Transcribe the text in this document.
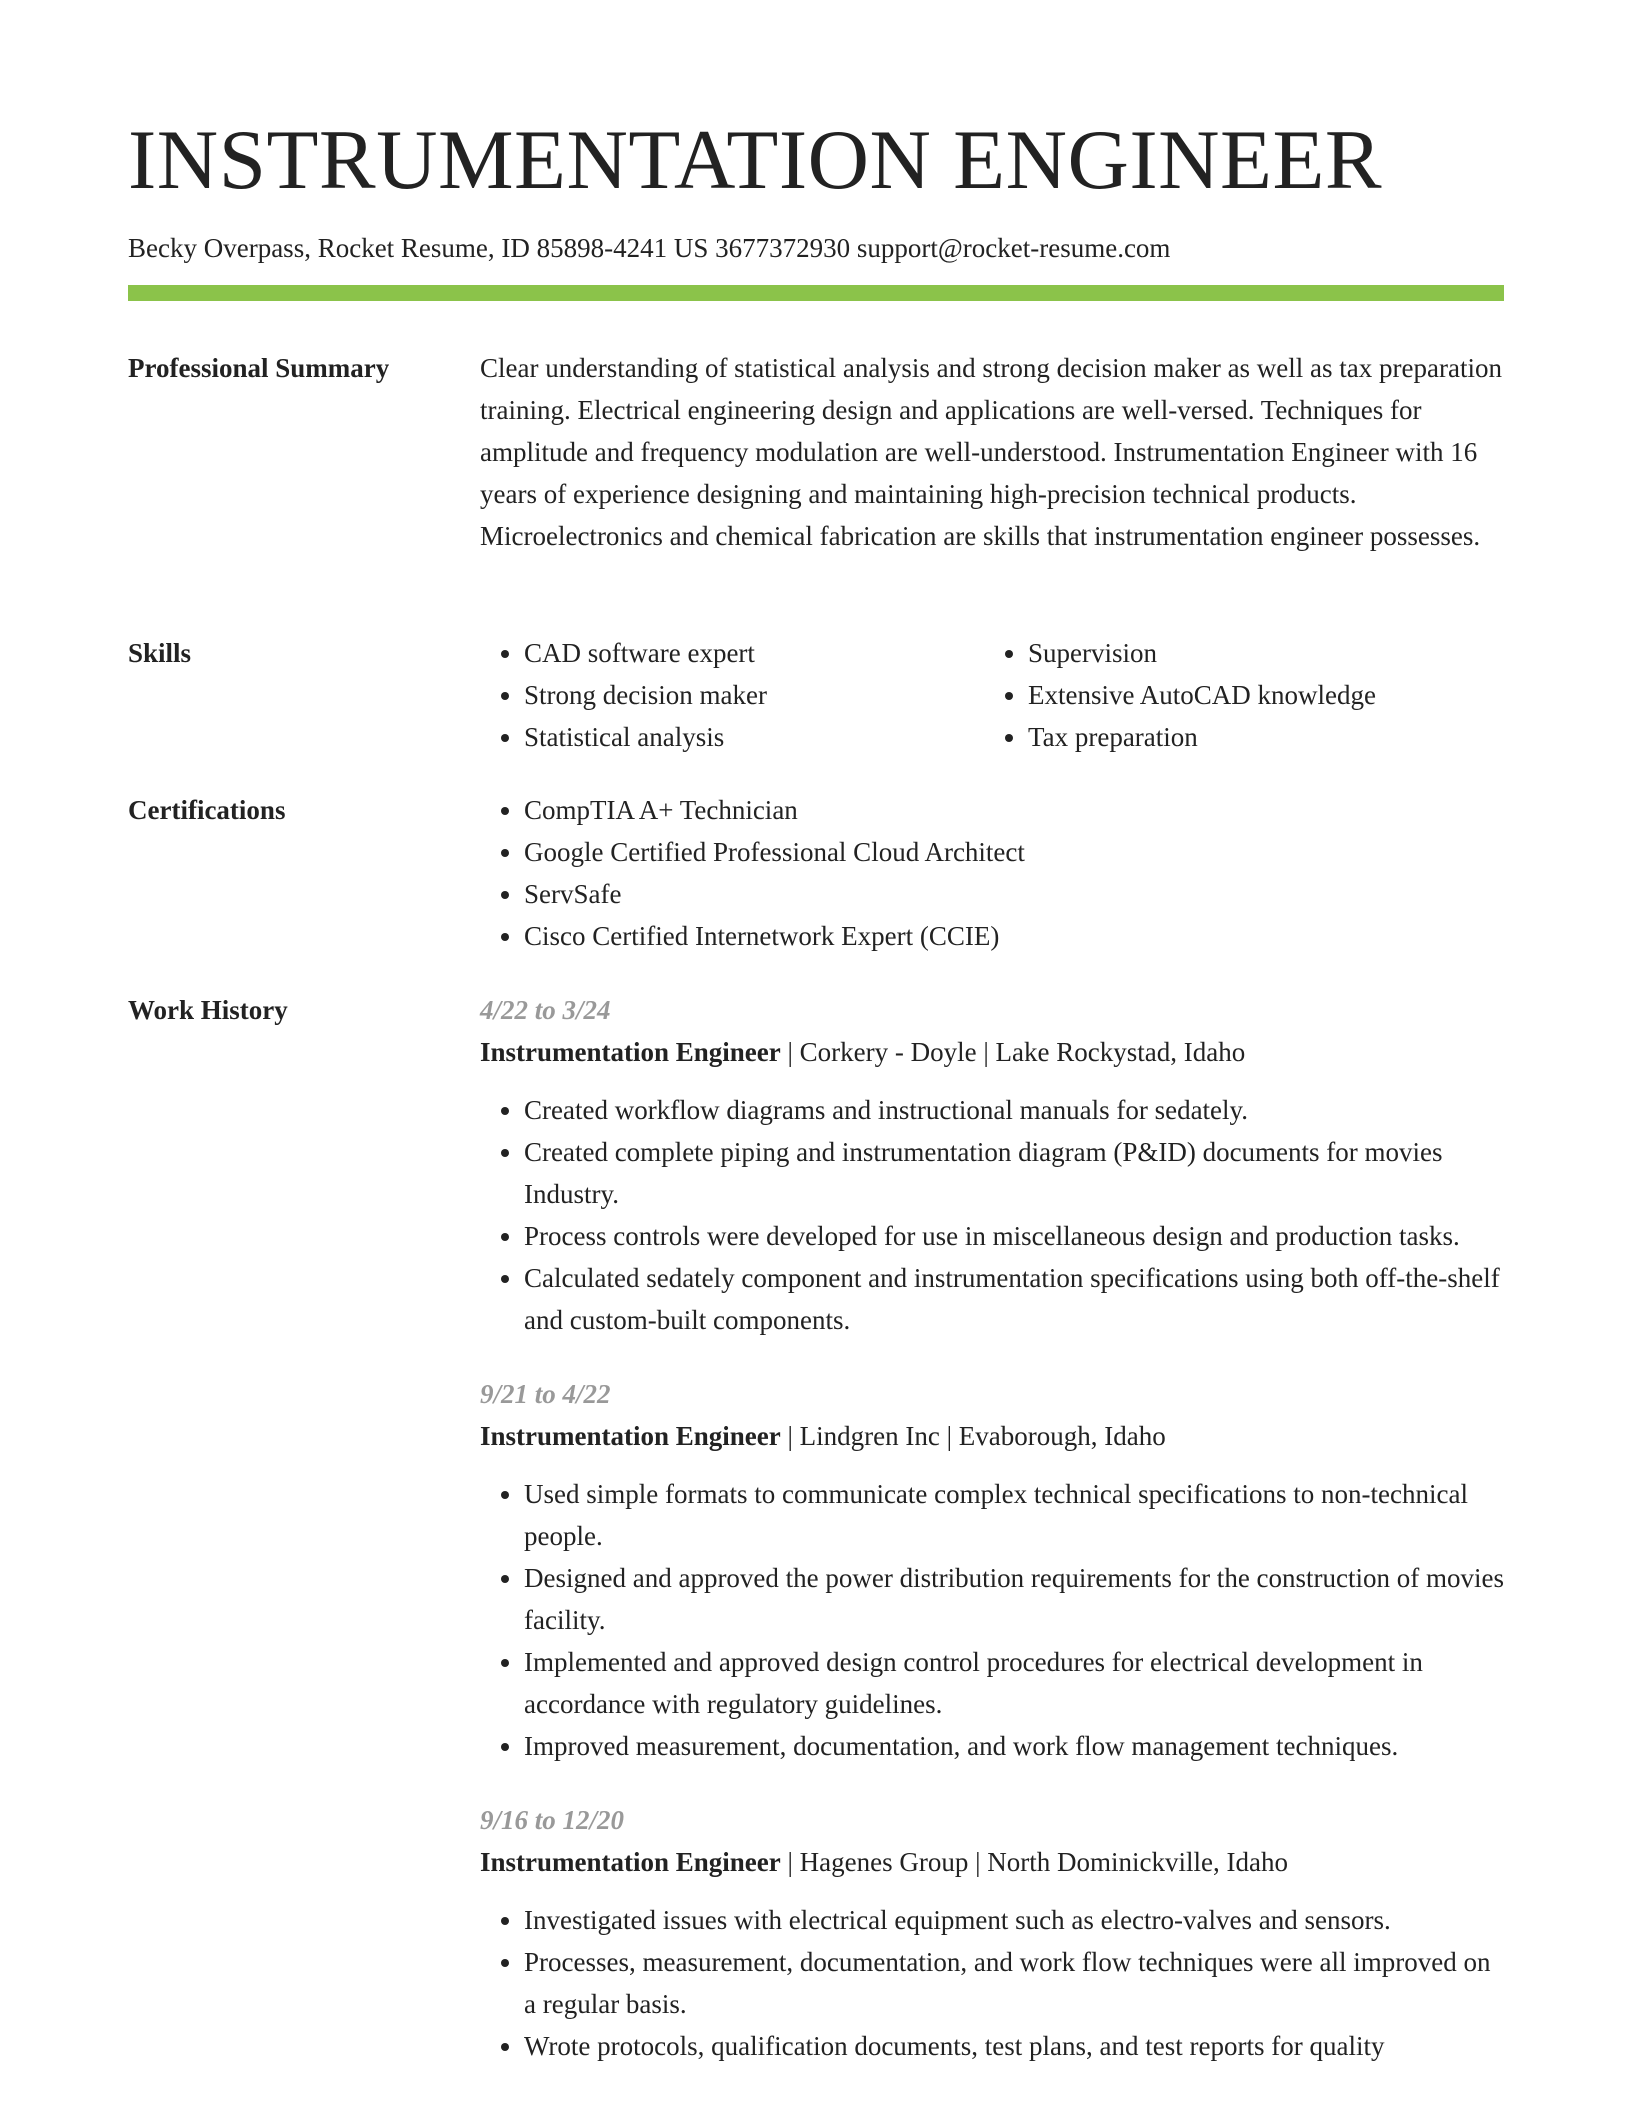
INSTRUMENTATION ENGINEER
Becky Overpass, Rocket Resume, ID 85898-4241 US 3677372930 support@rocket-resume.com
Professional Summary	Clear understanding of statistical analysis and strong decision maker as well as tax preparation training. Electrical engineering design and applications are well-versed. Techniques for amplitude and frequency modulation are well-understood. Instrumentation Engineer with 16 years of experience designing and maintaining high-precision technical products. Microelectronics and chemical fabrication are skills that instrumentation engineer possesses.

Skills	• CAD software expert
• Strong decision maker
• Statistical analysis
• Supervision
• Extensive AutoCAD knowledge
• Tax preparation
Certifications	• CompTIA A+ Technician
• Google Certified Professional Cloud Architect
• ServSafe
• Cisco Certified Internetwork Expert (CCIE)
Work History	4/22 to 3/24
Instrumentation Engineer | Corkery - Doyle | Lake Rockystad, Idaho
• Created workflow diagrams and instructional manuals for sedately.
• Created complete piping and instrumentation diagram (P&ID) documents for movies Industry.
• Process controls were developed for use in miscellaneous design and production tasks.
• Calculated sedately component and instrumentation specifications using both off-the-shelf and custom-built components.
9/21 to 4/22
Instrumentation Engineer | Lindgren Inc | Evaborough, Idaho
• Used simple formats to communicate complex technical specifications to non-technical people.
• Designed and approved the power distribution requirements for the construction of movies facility.
• Implemented and approved design control procedures for electrical development in accordance with regulatory guidelines.
• Improved measurement, documentation, and work flow management techniques.
9/16 to 12/20
Instrumentation Engineer | Hagenes Group | North Dominickville, Idaho
• Investigated issues with electrical equipment such as electro-valves and sensors.
• Processes, measurement, documentation, and work flow techniques were all improved on a regular basis.
• Wrote protocols, qualification documents, test plans, and test reports for quality
